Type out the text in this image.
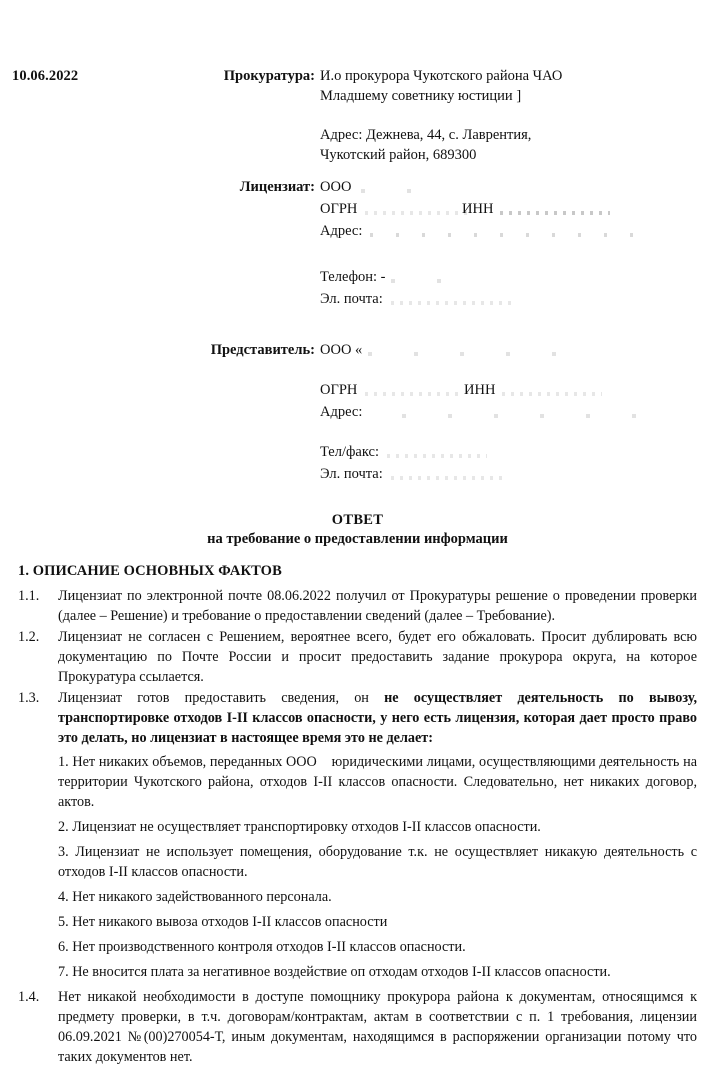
10.06.2022	Прокуратура: И.о прокурора Чукотского района ЧАО
Младшему советнику юстиции ]
Адрес: Дежнева, 44, с. Лаврентия,
Чукотский район, 689300
Лицензиат: ООО
ОГРН	ИНН
Адрес:
Телефон: -
Эл. почта:
Представитель: ООО «
ОГРН	ИНН
Адрес:
Тел/факс:
Эл. почта:
ОТВЕТ
на требование о предоставлении информации
1. ОПИСАНИЕ ОСНОВНЫХ ФАКТОВ
1.1.	Лицензиат по электронной почте 08.06.2022 получил от Прокуратуры решение о проведении проверки (далее – Решение) и требование о предоставлении сведений (далее – Требование).
1.2.	Лицензиат не согласен с Решением, вероятнее всего, будет его обжаловать. Просит дублировать всю документацию по Почте России и просит предоставить задание прокурора округа, на которое Прокуратура ссылается.
1.3.	Лицензиат готов предоставить сведения, он не осуществляет деятельность по вывозу, транспортировке отходов I-II классов опасности, у него есть лицензия, которая дает просто право это делать, но лицензиат в настоящее время это не делает:
1. Нет никаких объемов, переданных ООО    юридическими лицами, осуществляющими деятельность на территории Чукотского района, отходов I-II классов опасности. Следовательно, нет никаких договор, актов.
2. Лицензиат не осуществляет транспортировку отходов I-II классов опасности.
3. Лицензиат не использует помещения, оборудование т.к. не осуществляет никакую деятельность с отходов I-II классов опасности.
4. Нет никакого задействованного персонала.
5. Нет никакого вывоза отходов I-II классов опасности
6. Нет производственного контроля отходов I-II классов опасности.
7. Не вносится плата за негативное воздействие оп отходам отходов I-II классов опасности.
1.4.	Нет никакой необходимости в доступе помощнику прокурора района к документам, относящимся к предмету проверки, в т.ч. договорам/контрактам, актам в соответствии с п. 1 требования, лицензии 06.09.2021 №(00)270054-Т, иным документам, находящимся в распоряжении организации потому что таких документов нет.
